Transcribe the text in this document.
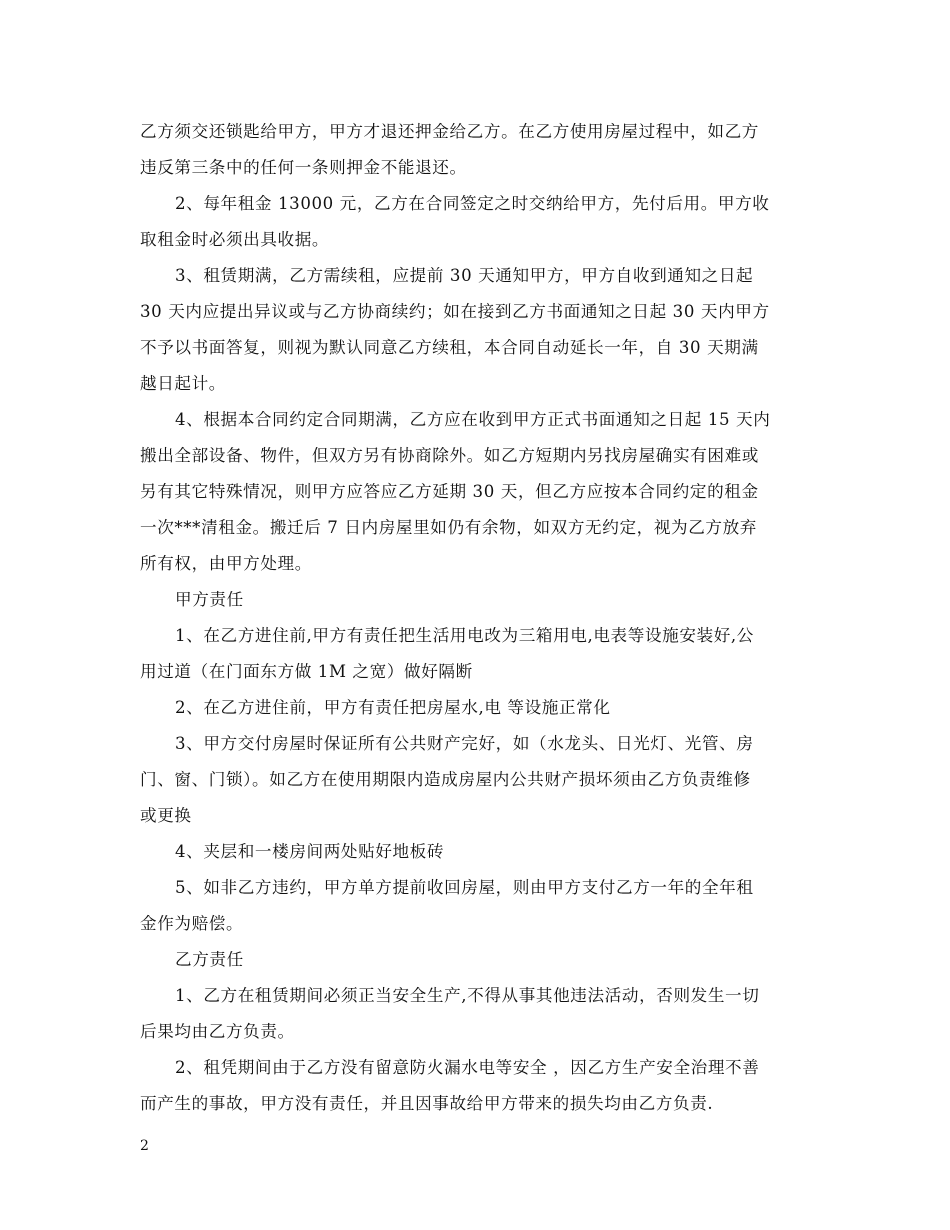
乙方须交还锁匙给甲方，甲方才退还押金给乙方。在乙方使用房屋过程中，如乙方
违反第三条中的任何一条则押金不能退还。
2、每年租金 13000 元，乙方在合同签定之时交纳给甲方，先付后用。甲方收
取租金时必须出具收据。
3、租赁期满，乙方需续租，应提前 30 天通知甲方，甲方自收到通知之日起
30 天内应提出异议或与乙方协商续约；如在接到乙方书面通知之日起 30 天内甲方
不予以书面答复，则视为默认同意乙方续租，本合同自动延长一年，自 30 天期满
越日起计。
4、根据本合同约定合同期满，乙方应在收到甲方正式书面通知之日起 15 天内
搬出全部设备、物件，但双方另有协商除外。如乙方短期内另找房屋确实有困难或
另有其它特殊情况，则甲方应答应乙方延期 30 天，但乙方应按本合同约定的租金
一次***清租金。搬迁后 7 日内房屋里如仍有余物，如双方无约定，视为乙方放弃
所有权，由甲方处理。
甲方责任
1、在乙方进住前,甲方有责任把生活用电改为三箱用电,电表等设施安装好,公
用过道（在门面东方做 1M 之宽）做好隔断
2、在乙方进住前，甲方有责任把房屋水,电 等设施正常化
3、甲方交付房屋时保证所有公共财产完好，如（水龙头、日光灯、光管、房
门、窗、门锁）。如乙方在使用期限内造成房屋内公共财产损坏须由乙方负责维修
或更换
4、夹层和一楼房间两处贴好地板砖
5、如非乙方违约，甲方单方提前收回房屋，则由甲方支付乙方一年的全年租
金作为赔偿。
乙方责任
1、乙方在租赁期间必须正当安全生产,不得从事其他违法活动，否则发生一切
后果均由乙方负责。
2、租凭期间由于乙方没有留意防火漏水电等安全 ，因乙方生产安全治理不善
而产生的事故，甲方没有责任，并且因事故给甲方带来的损失均由乙方负责.
2
